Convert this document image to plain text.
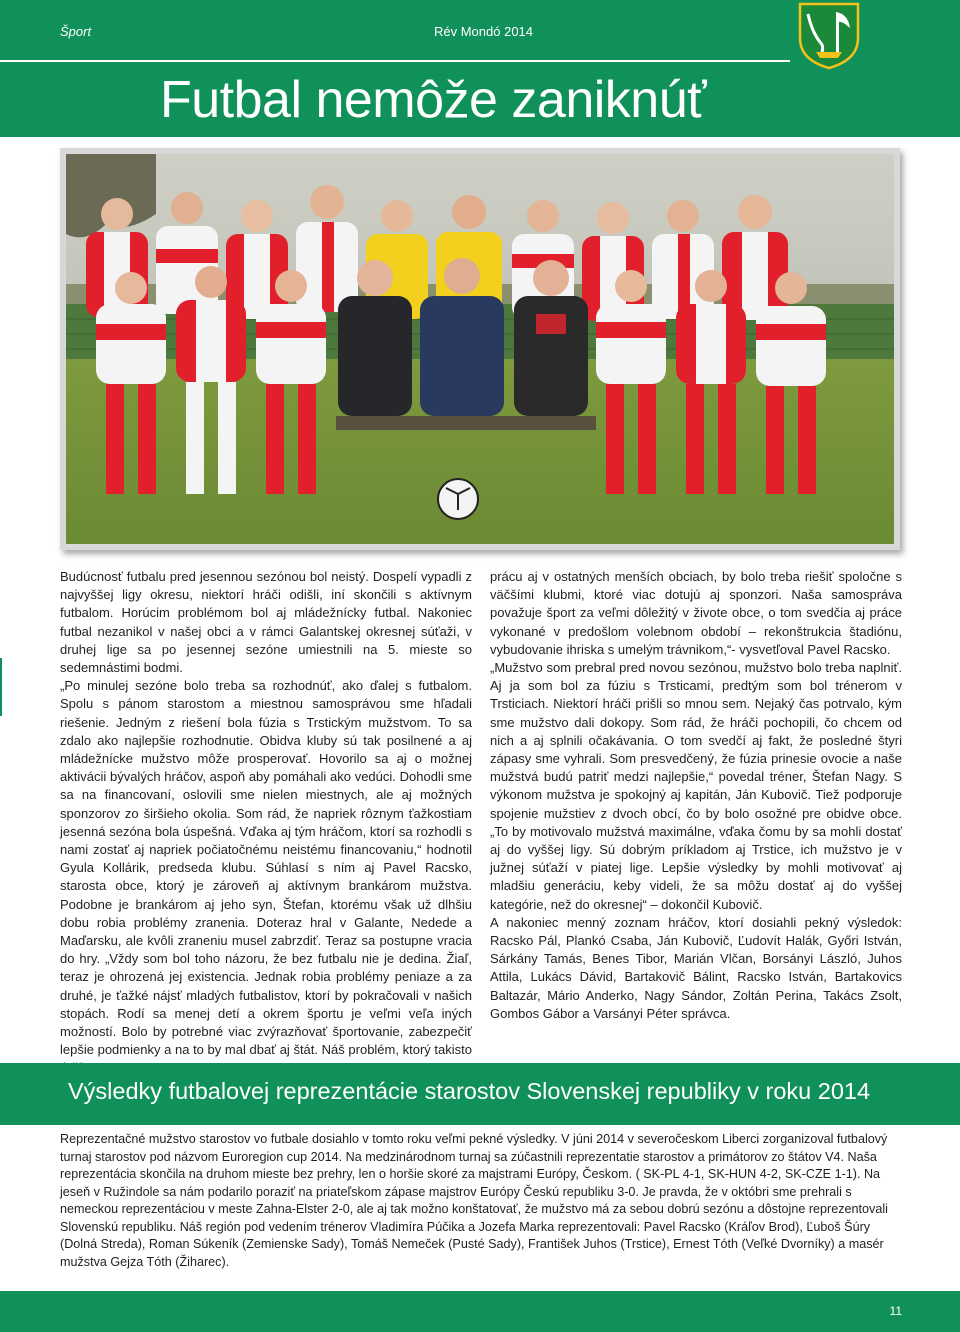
Šport	Rév Mondó 2014
Futbal nemôže zaniknúť

Budúcnosť futbalu pred jesennou sezónou bol neistý. Dospelí vypadli z najvyššej ligy okresu, niektorí hráči odišli, iní skončili s aktívnym futbalom. Horúcim problémom bol aj mládežnícky futbal. Nakoniec futbal nezanikol v našej obci a v rámci Galantskej okresnej súťaži, v druhej lige sa po jesennej sezóne umiestnili na 5. mieste so sedemnástimi bodmi.

„Po minulej sezóne bolo treba sa rozhodnúť, ako ďalej s futbalom. Spolu s pánom starostom a miestnou samosprávou sme hľadali riešenie. Jedným z riešení bola fúzia s Trstickým mužstvom. To sa zdalo ako najlepšie rozhodnutie. Obidva kluby sú tak posilnené a aj mládežnícke mužstvo môže prosperovať. Hovorilo sa aj o možnej aktivácii bývalých hráčov, aspoň aby pomáhali ako vedúci. Dohodli sme sa na financovaní, oslovili sme nielen miestnych, ale aj možných sponzorov zo širšieho okolia. Som rád, že napriek rôznym ťažkostiam jesenná sezóna bola úspešná. Vďaka aj tým hráčom, ktorí sa rozhodli s nami zostať aj napriek počiatočnému neistému financovaniu,“ hodnotil Gyula Kollárik, predseda klubu. Súhlasí s ním aj Pavel Racsko, starosta obce, ktorý je zároveň aj aktívnym brankárom mužstva. Podobne je brankárom aj jeho syn, Štefan, ktorému však už dlhšiu dobu robia problémy zranenia. Doteraz hral v Galante, Nedede a Maďarsku, ale kvôli zraneniu musel zabrzdiť. Teraz sa postupne vracia do hry. „Vždy som bol toho názoru, že bez futbalu nie je dedina. Žiaľ, teraz je ohrozená jej existencia. Jednak robia problémy peniaze a za druhé, je ťažké nájsť mladých futbalistov, ktorí by pokračovali v našich stopách. Rodí sa menej detí a okrem športu je veľmi veľa iných možností. Bolo by potrebné viac zvýrazňovať športovanie, zabezpečiť lepšie podmienky a na to by mal dbať aj štát. Náš problém, ktorý takisto

prácu aj v ostatných menších obciach, by bolo treba riešiť spoločne s väčšími klubmi, ktoré viac dotujú aj sponzori. Naša samospráva považuje šport za veľmi dôležitý v živote obce, o tom svedčia aj práce vykonané v predošlom volebnom období – rekonštrukcia štadiónu, vybudovanie ihriska s umelým trávnikom,“- vysvetľoval Pavel Racsko.

„Mužstvo som prebral pred novou sezónou, mužstvo bolo treba naplniť. Aj ja som bol za fúziu s Trsticami, predtým som bol trénerom v Trsticiach. Niektorí hráči prišli so mnou sem. Nejaký čas potrvalo, kým sme mužstvo dali dokopy. Som rád, že hráči pochopili, čo chcem od nich a aj splnili očakávania. O tom svedčí aj fakt, že posledné štyri zápasy sme vyhrali. Som presvedčený, že fúzia prinesie ovocie a naše mužstvá budú patriť medzi najlepšie,“ povedal tréner, Štefan Nagy. S výkonom mužstva je spokojný aj kapitán, Ján Kubovič. Tiež podporuje spojenie mužstiev z dvoch obcí, čo by bolo osožné pre obidve obce. „To by motivovalo mužstvá maximálne, vďaka čomu by sa mohli dostať aj do vyššej ligy. Sú dobrým príkladom aj Trstice, ich mužstvo je v južnej súťaží v piatej lige. Lepšie výsledky by mohli motivovať aj mladšiu generáciu, keby videli, že sa môžu dostať aj do vyššej kategórie, než do okresnej“ – dokončil Kubovič.

A nakoniec menný zoznam hráčov, ktorí dosiahli pekný výsledok: Racsko Pál, Plankó Csaba, Ján Kubovič, Ľudovít Halák, Győri István, Sárkány Tamás, Benes Tibor, Marián Vlčan, Borsányi László, Juhos Attila, Lukács Dávid, Bartakovič Bálint, Racsko István, Bartakovics Baltazár, Mário Anderko, Nagy Sándor, Zoltán Perina, Takács Zsolt, Gombos Gábor a Varsányi Péter správca.

Výsledky futbalovej reprezentácie starostov Slovenskej republiky v roku 2014

Reprezentačné mužstvo starostov vo futbale dosiahlo v tomto roku veľmi pekné výsledky. V júni 2014 v severočeskom Liberci zorganizoval futbalový turnaj starostov pod názvom Euroregion cup 2014. Na medzinárodnom turnaj sa zúčastnili reprezentatie starostov a primátorov zo štátov V4. Naša reprezentácia skončila na druhom mieste bez prehry, len o horšie skoré za majstrami Európy, Českom. ( SK-PL 4-1, SK-HUN 4-2, SK-CZE 1-1). Na jeseň v Ružindole sa nám podarilo poraziť na priateľskom zápase majstrov Európy Českú republiku 3-0. Je pravda, že v októbri sme prehrali s nemeckou reprezentáciou v meste Zahna-Elster 2-0, ale aj tak možno konštatovať, že mužstvo má za sebou dobrú sezónu a dôstojne reprezentovali Slovenskú republiku. Náš región pod vedením trénerov Vladimíra Púčika a Jozefa Marka reprezentovali: Pavel Racsko (Kráľov Brod), Ľuboš Šúry (Dolná Streda), Roman Súkeník (Zemienske Sady), Tomáš Nemeček (Pusté Sady), František Juhos (Trstice), Ernest Tóth (Veľké Dvorníky) a masér mužstva Gejza Tóth (Žiharec).

11
